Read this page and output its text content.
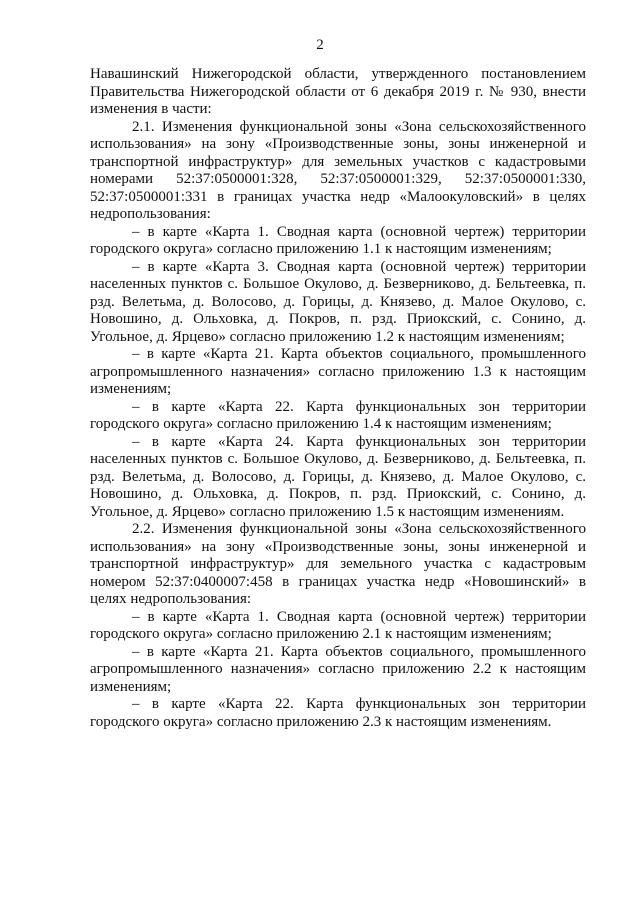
2

Навашинский Нижегородской области, утвержденного постановлением Правительства Нижегородской области от 6 декабря 2019 г. № 930, внести изменения в части:

2.1. Изменения функциональной зоны «Зона сельскохозяйственного использования» на зону «Производственные зоны, зоны инженерной и транспортной инфраструктур» для земельных участков с кадастровыми номерами 52:37:0500001:328, 52:37:0500001:329, 52:37:0500001:330, 52:37:0500001:331 в границах участка недр «Малоокуловский» в целях недропользования:

– в карте «Карта 1. Сводная карта (основной чертеж) территории городского округа» согласно приложению 1.1 к настоящим изменениям;

– в карте «Карта 3. Сводная карта (основной чертеж) территории населенных пунктов с. Большое Окулово, д. Безверниково, д. Бельтеевка, п. рзд. Велетьма, д. Волосово, д. Горицы, д. Князево, д. Малое Окулово, с. Новошино, д. Ольховка, д. Покров, п. рзд. Приокский, с. Сонино, д. Угольное, д. Ярцево» согласно приложению 1.2 к настоящим изменениям;

– в карте «Карта 21. Карта объектов социального, промышленного агропромышленного назначения» согласно приложению 1.3 к настоящим изменениям;

– в карте «Карта 22. Карта функциональных зон территории городского округа» согласно приложению 1.4 к настоящим изменениям;

– в карте «Карта 24. Карта функциональных зон территории населенных пунктов с. Большое Окулово, д. Безверниково, д. Бельтеевка, п. рзд. Велетьма, д. Волосово, д. Горицы, д. Князево, д. Малое Окулово, с. Новошино, д. Ольховка, д. Покров, п. рзд. Приокский, с. Сонино, д. Угольное, д. Ярцево» согласно приложению 1.5 к настоящим изменениям.

2.2. Изменения функциональной зоны «Зона сельскохозяйственного использования» на зону «Производственные зоны, зоны инженерной и транспортной инфраструктур» для земельного участка с кадастровым номером 52:37:0400007:458 в границах участка недр «Новошинский» в целях недропользования:

– в карте «Карта 1. Сводная карта (основной чертеж) территории городского округа» согласно приложению 2.1 к настоящим изменениям;

– в карте «Карта 21. Карта объектов социального, промышленного агропромышленного назначения» согласно приложению 2.2 к настоящим изменениям;

– в карте «Карта 22. Карта функциональных зон территории городского округа» согласно приложению 2.3 к настоящим изменениям.
